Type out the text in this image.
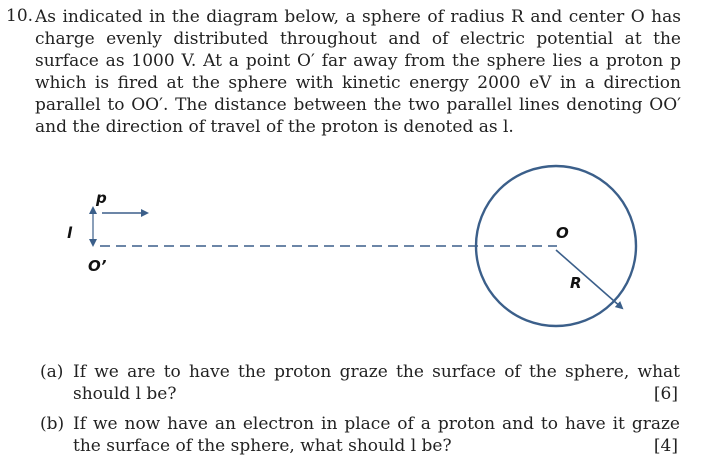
10. As indicated in the diagram below, a sphere of radius R and center O has charge evenly distributed throughout and of electric potential at the surface as 1000 V. At a point O′ far away from the sphere lies a proton p which is fired at the sphere with kinetic energy 2000 eV in a direction parallel to OO′. The distance between the two parallel lines denoting OO′ and the direction of travel of the proton is denoted as l.
p
l
O’
O
R
(a) If we are to have the proton graze the surface of the sphere, what should l be?	[6]
(b) If we now have an electron in place of a proton and to have it graze the surface of the sphere, what should l be?	[4]
